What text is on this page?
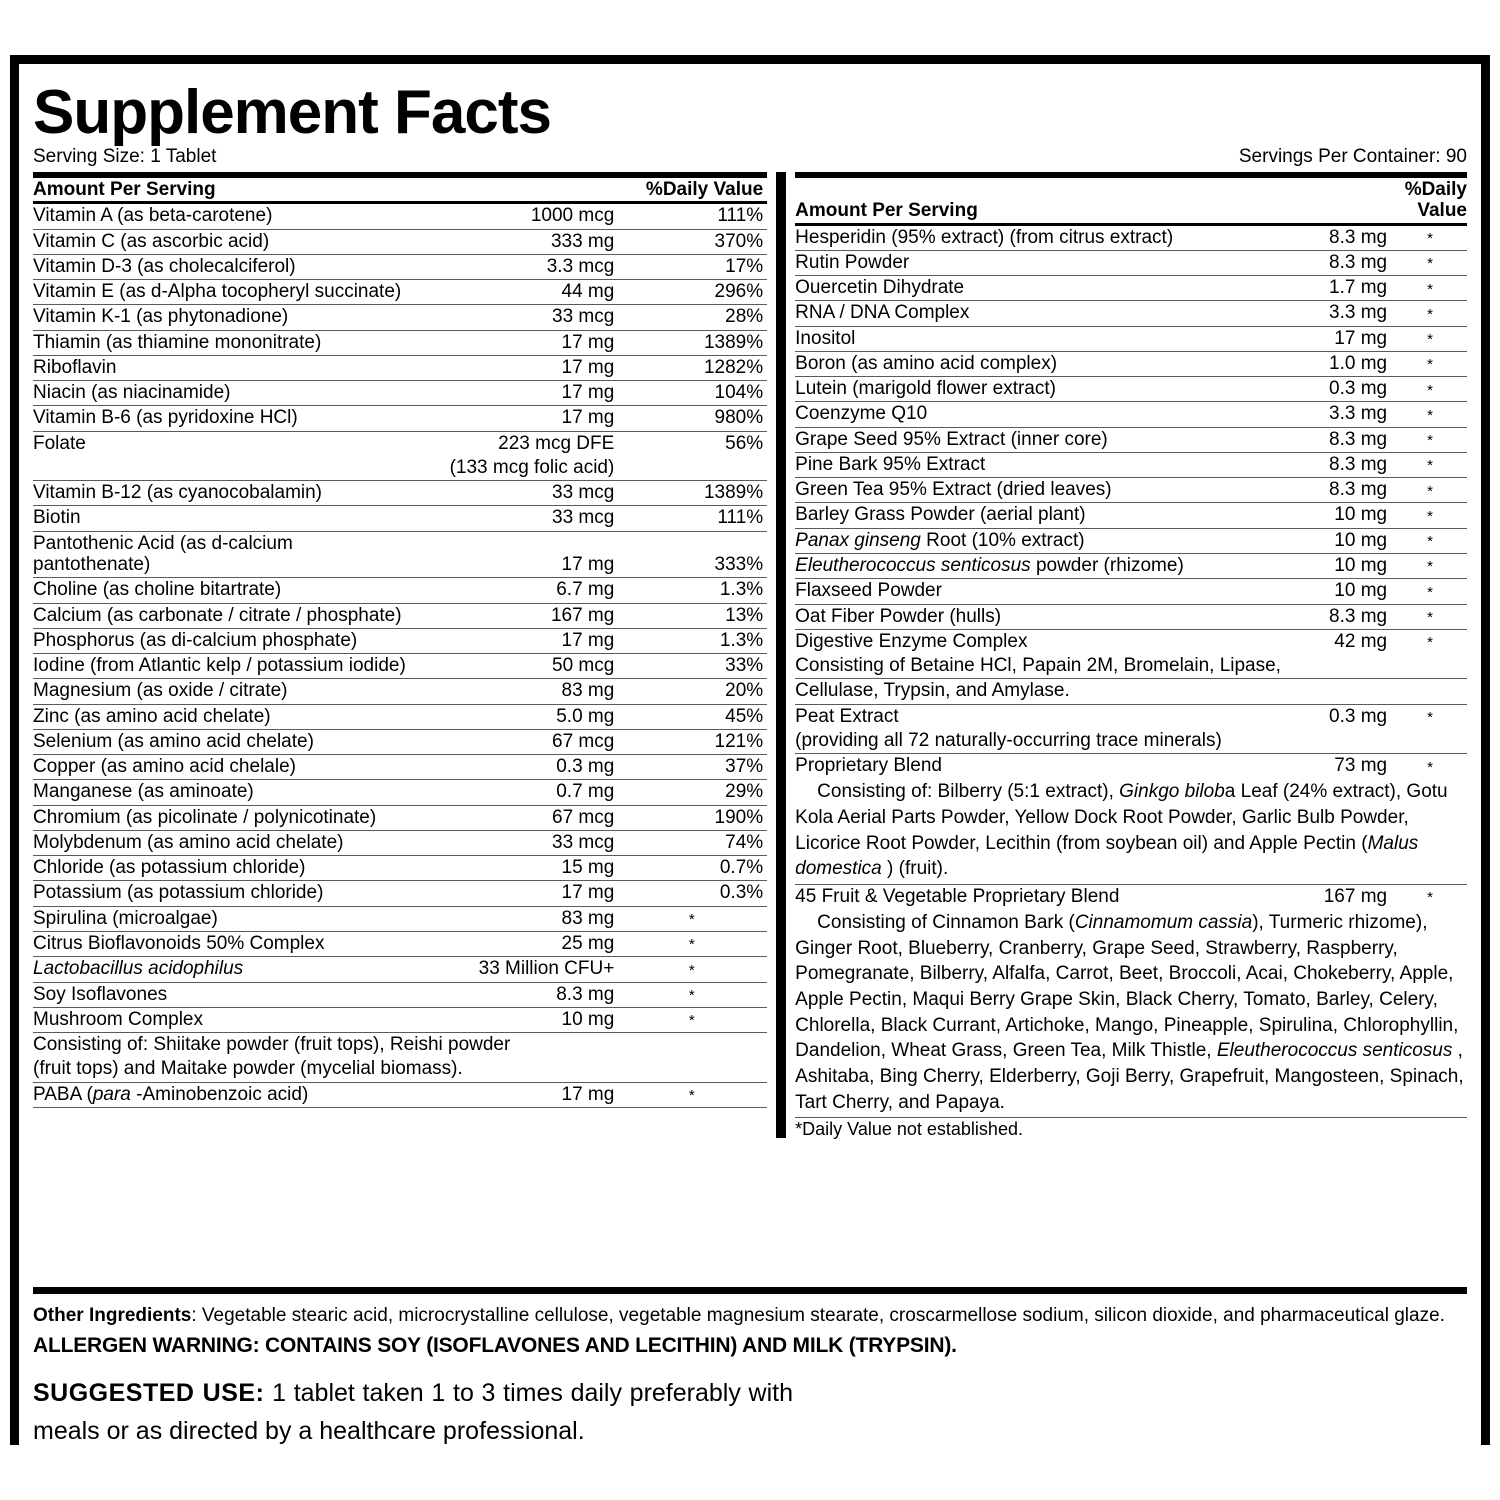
Supplement Facts
Serving Size: 1 Tablet	Servings Per Container: 90
Amount Per Serving		%Daily Value
Vitamin A (as beta-carotene)	1000 mcg	111%
Vitamin C (as ascorbic acid)	333 mg	370%
Vitamin D-3 (as cholecalciferol)	3.3 mcg	17%
Vitamin E (as d-Alpha tocopheryl succinate)	44 mg	296%
Vitamin K-1 (as phytonadione)	33 mcg	28%
Thiamin (as thiamine mononitrate)	17 mg	1389%
Riboflavin	17 mg	1282%
Niacin (as niacinamide)	17 mg	104%
Vitamin B-6 (as pyridoxine HCl)	17 mg	980%
Folate	223 mcg DFE	56%
	(133 mcg folic acid)	
Vitamin B-12 (as cyanocobalamin)	33 mcg	1389%
Biotin	33 mcg	111%
Pantothenic Acid (as d-calcium pantothenate)	17 mg	333%
Choline (as choline bitartrate)	6.7 mg	1.3%
Calcium (as carbonate / citrate / phosphate)	167 mg	13%
Phosphorus (as di-calcium phosphate)	17 mg	1.3%
Iodine (from Atlantic kelp / potassium iodide)	50 mcg	33%
Magnesium (as oxide / citrate)	83 mg	20%
Zinc (as amino acid chelate)	5.0 mg	45%
Selenium (as amino acid chelate)	67 mcg	121%
Copper (as amino acid chelale)	0.3 mg	37%
Manganese (as aminoate)	0.7 mg	29%
Chromium (as picolinate / polynicotinate)	67 mcg	190%
Molybdenum (as amino acid chelate)	33 mcg	74%
Chloride (as potassium chloride)	15 mg	0.7%
Potassium (as potassium chloride)	17 mg	0.3%
Spirulina (microalgae)	83 mg	*
Citrus Bioflavonoids 50% Complex	25 mg	*
Lactobacillus acidophilus	33 Million CFU+	*
Soy Isoflavones	8.3 mg	*
Mushroom Complex	10 mg	*
Consisting of: Shiitake powder (fruit tops), Reishi powder		
(fruit tops) and Maitake powder (mycelial biomass).		
PABA (para -Aminobenzoic acid)	17 mg	*
Amount Per Serving		%Daily Value
Hesperidin (95% extract) (from citrus extract)	8.3 mg	*
Rutin Powder	8.3 mg	*
Ouercetin Dihydrate	1.7 mg	*
RNA / DNA Complex	3.3 mg	*
Inositol	17 mg	*
Boron (as amino acid complex)	1.0 mg	*
Lutein (marigold flower extract)	0.3 mg	*
Coenzyme Q10	3.3 mg	*
Grape Seed 95% Extract (inner core)	8.3 mg	*
Pine Bark 95% Extract	8.3 mg	*
Green Tea 95% Extract (dried leaves)	8.3 mg	*
Barley Grass Powder (aerial plant)	10 mg	*
Panax ginseng Root (10% extract)	10 mg	*
Eleutherococcus senticosus powder (rhizome)	10 mg	*
Flaxseed Powder	10 mg	*
Oat Fiber Powder (hulls)	8.3 mg	*
Digestive Enzyme Complex	42 mg	*
Consisting of Betaine HCl, Papain 2M, Bromelain, Lipase,		
Cellulase, Trypsin, and Amylase.		
Peat Extract	0.3 mg	*
(providing all 72 naturally-occurring trace minerals)		
Proprietary Blend	73 mg	*
Consisting of: Bilberry (5:1 extract), Ginkgo biloba Leaf (24% extract), Gotu Kola Aerial Parts Powder, Yellow Dock Root Powder, Garlic Bulb Powder, Licorice Root Powder, Lecithin (from soybean oil) and Apple Pectin (Malus domestica ) (fruit).		
45 Fruit & Vegetable Proprietary Blend	167 mg	*
Consisting of Cinnamon Bark (Cinnamomum cassia), Turmeric rhizome), Ginger Root, Blueberry, Cranberry, Grape Seed, Strawberry, Raspberry, Pomegranate, Bilberry, Alfalfa, Carrot, Beet, Broccoli, Acai, Chokeberry, Apple, Apple Pectin, Maqui Berry Grape Skin, Black Cherry, Tomato, Barley, Celery, Chlorella, Black Currant, Artichoke, Mango, Pineapple, Spirulina, Chlorophyllin, Dandelion, Wheat Grass, Green Tea, Milk Thistle, Eleutherococcus senticosus , Ashitaba, Bing Cherry, Elderberry, Goji Berry, Grapefruit, Mangosteen, Spinach, Tart Cherry, and Papaya.		
*Daily Value not established.		
Other Ingredients: Vegetable stearic acid, microcrystalline cellulose, vegetable magnesium stearate, croscarmellose sodium, silicon dioxide, and pharmaceutical glaze.
ALLERGEN WARNING: CONTAINS SOY (ISOFLAVONES AND LECITHIN) AND MILK (TRYPSIN).
SUGGESTED USE: 1 tablet taken 1 to 3 times daily preferably with meals or as directed by a healthcare professional.
